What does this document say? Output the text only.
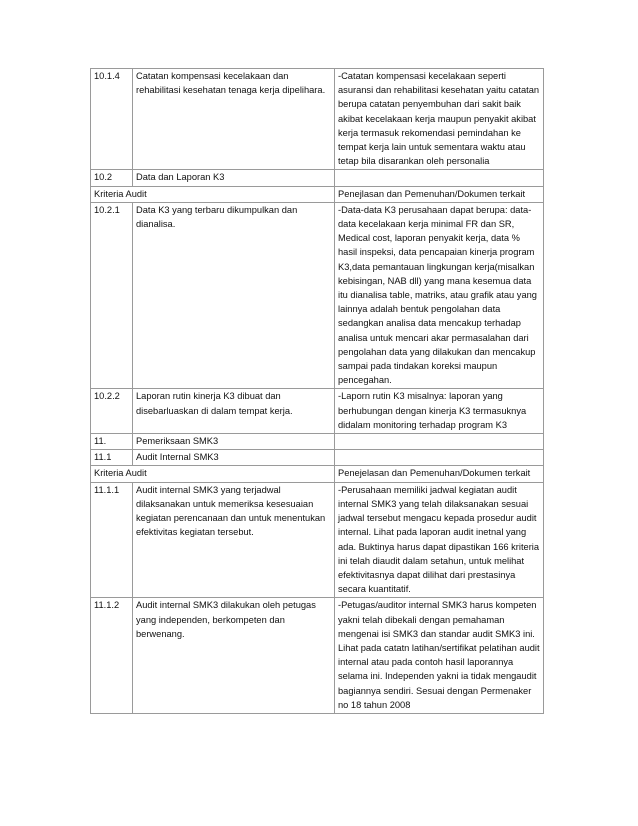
10.1.4	Catatan kompensasi kecelakaan dan rehabilitasi kesehatan tenaga kerja dipelihara.	-Catatan kompensasi kecelakaan seperti asuransi dan rehabilitasi kesehatan yaitu catatan berupa catatan penyembuhan dari sakit baik akibat kecelakaan kerja maupun penyakit akibat kerja termasuk rekomendasi pemindahan ke tempat kerja lain untuk sementara waktu atau tetap bila disarankan oleh personalia
10.2	Data dan Laporan K3	
Kriteria Audit		Penejlasan dan Pemenuhan/Dokumen terkait
10.2.1	Data K3 yang terbaru dikumpulkan dan dianalisa.	-Data-data K3 perusahaan dapat berupa: data-data kecelakaan kerja minimal FR dan SR, Medical cost, laporan penyakit kerja, data % hasil inspeksi, data pencapaian kinerja program K3,data pemantauan lingkungan kerja(misalkan kebisingan, NAB dll) yang mana kesemua data itu dianalisa table, matriks, atau grafik atau yang lainnya adalah bentuk pengolahan data sedangkan analisa data mencakup terhadap analisa untuk mencari akar permasalahan dari pengolahan data yang dilakukan dan mencakup sampai pada tindakan koreksi maupun pencegahan.
10.2.2	Laporan rutin kinerja K3 dibuat dan disebarluaskan di dalam tempat kerja.	-Laporn rutin K3 misalnya: laporan yang berhubungan dengan kinerja K3 termasuknya didalam monitoring terhadap program K3
11.	Pemeriksaan SMK3	
11.1	Audit Internal SMK3	
Kriteria Audit		Penejelasan dan Pemenuhan/Dokumen terkait
11.1.1	Audit internal SMK3 yang terjadwal dilaksanakan untuk memeriksa kesesuaian kegiatan perencanaan dan untuk menentukan efektivitas kegiatan tersebut.	-Perusahaan memiliki jadwal kegiatan audit internal SMK3 yang telah dilaksanakan sesuai jadwal tersebut mengacu kepada prosedur audit internal. Lihat pada laporan audit inetnal yang ada. Buktinya harus dapat dipastikan 166 kriteria ini telah diaudit dalam setahun, untuk melihat efektivitasnya dapat dilihat dari prestasinya secara kuantitatif.
11.1.2	Audit internal SMK3 dilakukan oleh petugas yang independen, berkompeten dan berwenang.	-Petugas/auditor internal SMK3 harus kompeten yakni telah dibekali dengan pemahaman mengenai isi SMK3 dan standar audit SMK3 ini. Lihat pada catatn latihan/sertifikat pelatihan audit internal atau pada contoh hasil laporannya selama ini. Independen yakni ia tidak mengaudit bagiannya sendiri. Sesuai dengan Permenaker no 18 tahun 2008
